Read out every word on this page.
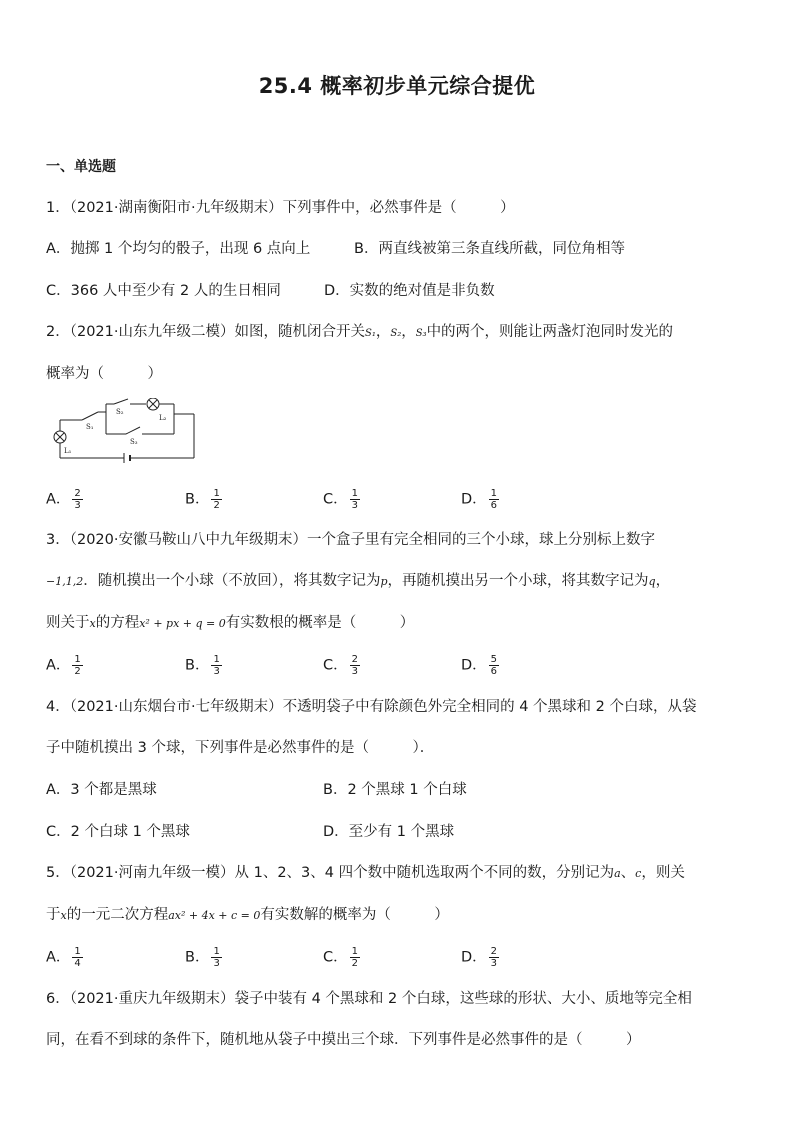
25.4 概率初步单元综合提优
一、单选题
1．（2021·湖南衡阳市·九年级期末）下列事件中，必然事件是（　　　）
A．抛掷 1 个均匀的骰子，出现 6 点向上	B．两直线被第三条直线所截，同位角相等
C．366 人中至少有 2 人的生日相同	D．实数的绝对值是非负数
2．（2021·山东九年级二模）如图，随机闭合开关S₁，S₂，S₃中的两个，则能让两盏灯泡同时发光的
概率为（　　　）
S₁
S₂
S₃
L₁
L₂
A． $\frac{2}{3}$	B． $\frac{1}{2}$	C． $\frac{1}{3}$	D． $\frac{1}{6}$
3．（2020·安徽马鞍山八中九年级期末）一个盒子里有完全相同的三个小球，球上分别标上数字
−1,1,2．随机摸出一个小球（不放回），将其数字记为p，再随机摸出另一个小球，将其数字记为q，
则关于x的方程x² + px + q = 0有实数根的概率是（　　　）
A． $\frac{1}{2}$	B． $\frac{1}{3}$	C． $\frac{2}{3}$	D． $\frac{5}{6}$
4．（2021·山东烟台市·七年级期末）不透明袋子中有除颜色外完全相同的 4 个黑球和 2 个白球，从袋
子中随机摸出 3 个球，下列事件是必然事件的是（　　　）．
A．3 个都是黑球	B．2 个黑球 1 个白球
C．2 个白球 1 个黑球	D．至少有 1 个黑球
5．（2021·河南九年级一模）从 1、2、3、4 四个数中随机选取两个不同的数，分别记为a、c，则关
于x的一元二次方程ax² + 4x + c = 0有实数解的概率为（　　　）
A． $\frac{1}{4}$	B． $\frac{1}{3}$	C． $\frac{1}{2}$	D． $\frac{2}{3}$
6．（2021·重庆九年级期末）袋子中装有 4 个黑球和 2 个白球，这些球的形状、大小、质地等完全相
同，在看不到球的条件下，随机地从袋子中摸出三个球．下列事件是必然事件的是（　　　）
